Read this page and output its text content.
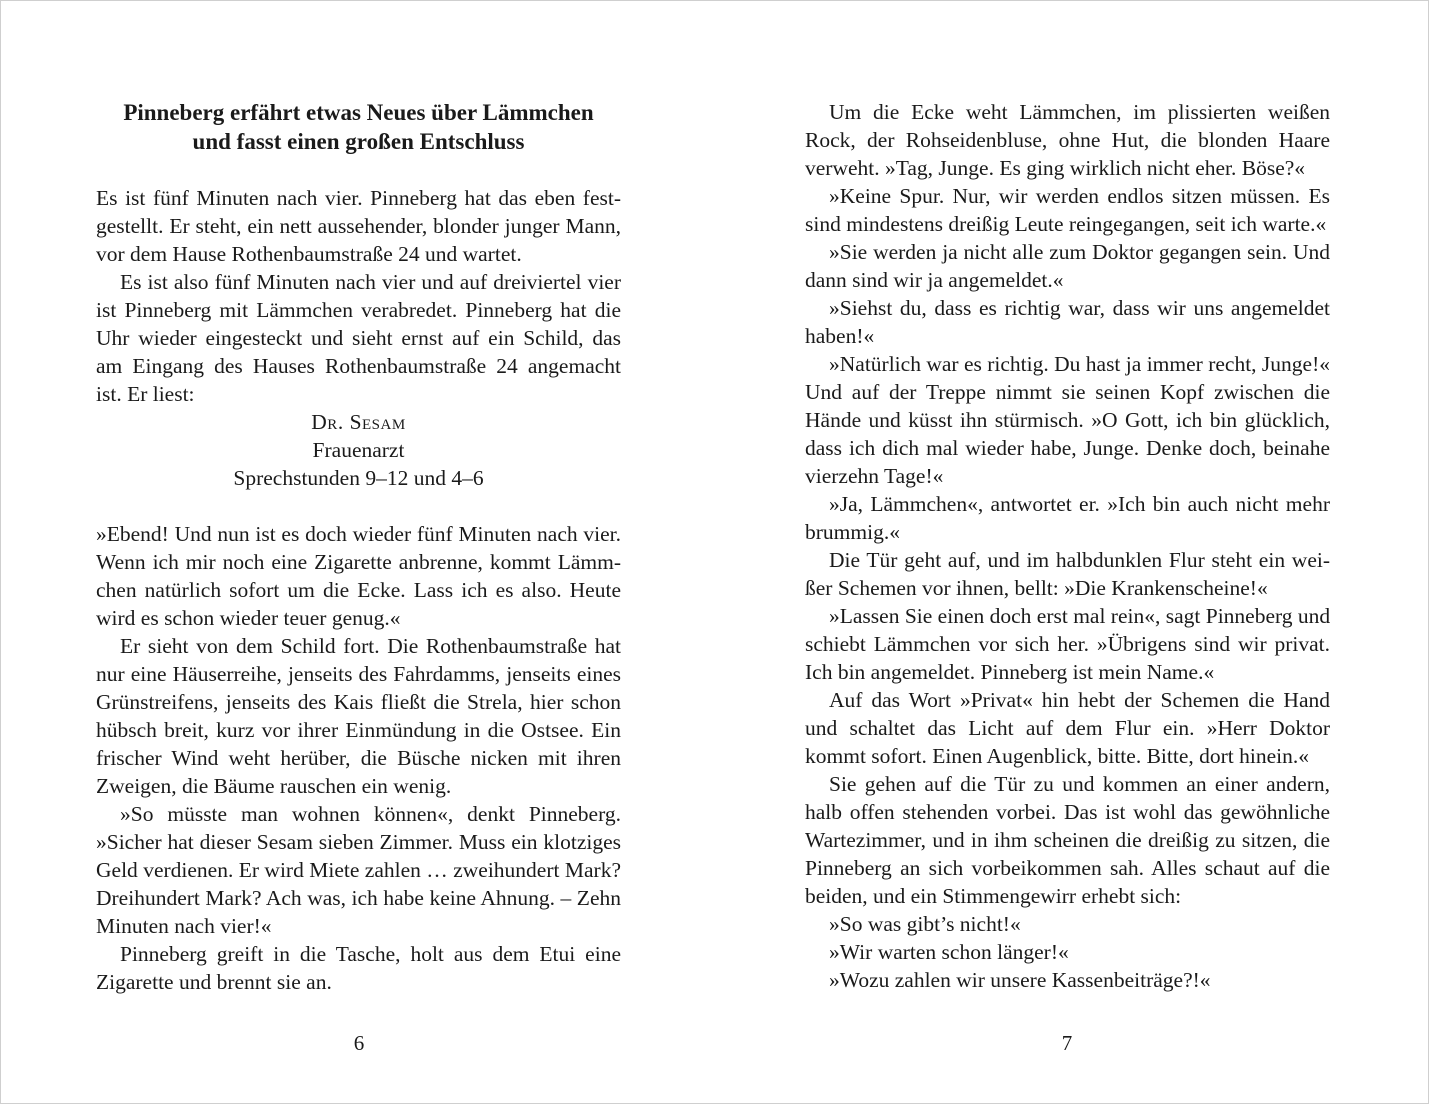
Pinneberg erfährt etwas Neues über Lämmchen
und fasst einen großen Entschluss
Es ist fünf Minuten nach vier. Pinneberg hat das eben fest-
gestellt. Er steht, ein nett aussehender, blonder junger Mann,
vor dem Hause Rothenbaumstraße 24 und wartet.
Es ist also fünf Minuten nach vier und auf dreiviertel vier
ist Pinneberg mit Lämmchen verabredet. Pinneberg hat die
Uhr wieder eingesteckt und sieht ernst auf ein Schild, das
am Eingang des Hauses Rothenbaumstraße 24 angemacht
ist. Er liest:
Dr. Sesam
Frauenarzt
Sprechstunden 9–12 und 4–6
»Ebend! Und nun ist es doch wieder fünf Minuten nach vier.
Wenn ich mir noch eine Zigarette anbrenne, kommt Lämm-
chen natürlich sofort um die Ecke. Lass ich es also. Heute
wird es schon wieder teuer genug.«
Er sieht von dem Schild fort. Die Rothenbaumstraße hat
nur eine Häuserreihe, jenseits des Fahrdamms, jenseits eines
Grünstreifens, jenseits des Kais fließt die Strela, hier schon
hübsch breit, kurz vor ihrer Einmündung in die Ostsee. Ein
frischer Wind weht herüber, die Büsche nicken mit ihren
Zweigen, die Bäume rauschen ein wenig.
»So müsste man wohnen können«, denkt Pinneberg.
»Sicher hat dieser Sesam sieben Zimmer. Muss ein klotziges
Geld verdienen. Er wird Miete zahlen … zweihundert Mark?
Dreihundert Mark? Ach was, ich habe keine Ahnung. – Zehn
Minuten nach vier!«
Pinneberg greift in die Tasche, holt aus dem Etui eine
Zigarette und brennt sie an.
6
Um die Ecke weht Lämmchen, im plissierten weißen
Rock, der Rohseidenbluse, ohne Hut, die blonden Haare
verweht. »Tag, Junge. Es ging wirklich nicht eher. Böse?«
»Keine Spur. Nur, wir werden endlos sitzen müssen. Es
sind mindestens dreißig Leute reingegangen, seit ich warte.«
»Sie werden ja nicht alle zum Doktor gegangen sein. Und
dann sind wir ja angemeldet.«
»Siehst du, dass es richtig war, dass wir uns angemeldet
haben!«
»Natürlich war es richtig. Du hast ja immer recht, Junge!«
Und auf der Treppe nimmt sie seinen Kopf zwischen die
Hände und küsst ihn stürmisch. »O Gott, ich bin glücklich,
dass ich dich mal wieder habe, Junge. Denke doch, beinahe
vierzehn Tage!«
»Ja, Lämmchen«, antwortet er. »Ich bin auch nicht mehr
brummig.«
Die Tür geht auf, und im halbdunklen Flur steht ein wei-
ßer Schemen vor ihnen, bellt: »Die Krankenscheine!«
»Lassen Sie einen doch erst mal rein«, sagt Pinneberg und
schiebt Lämmchen vor sich her. »Übrigens sind wir privat.
Ich bin angemeldet. Pinneberg ist mein Name.«
Auf das Wort »Privat« hin hebt der Schemen die Hand
und schaltet das Licht auf dem Flur ein. »Herr Doktor
kommt sofort. Einen Augenblick, bitte. Bitte, dort hinein.«
Sie gehen auf die Tür zu und kommen an einer andern,
halb offen stehenden vorbei. Das ist wohl das gewöhnliche
Wartezimmer, und in ihm scheinen die dreißig zu sitzen, die
Pinneberg an sich vorbeikommen sah. Alles schaut auf die
beiden, und ein Stimmengewirr erhebt sich:
»So was gibt’s nicht!«
»Wir warten schon länger!«
»Wozu zahlen wir unsere Kassenbeiträge?!«
7
